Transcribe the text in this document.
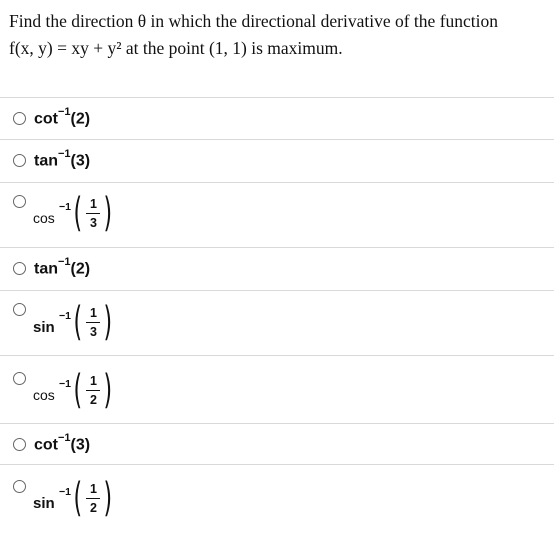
Find the direction θ in which the directional derivative of the function
f(x, y) = xy + y² at the point (1, 1) is maximum.
$\cot^{-1}(2)$
$\tan^{-1}(3)$
cos
−1 ( 1
3 )
$\tan^{-1}(2)$
sin
−1 ( 1
3 )
cos
−1 ( 1
2 )
$\cot^{-1}(3)$
sin
−1 ( 1
2 )
